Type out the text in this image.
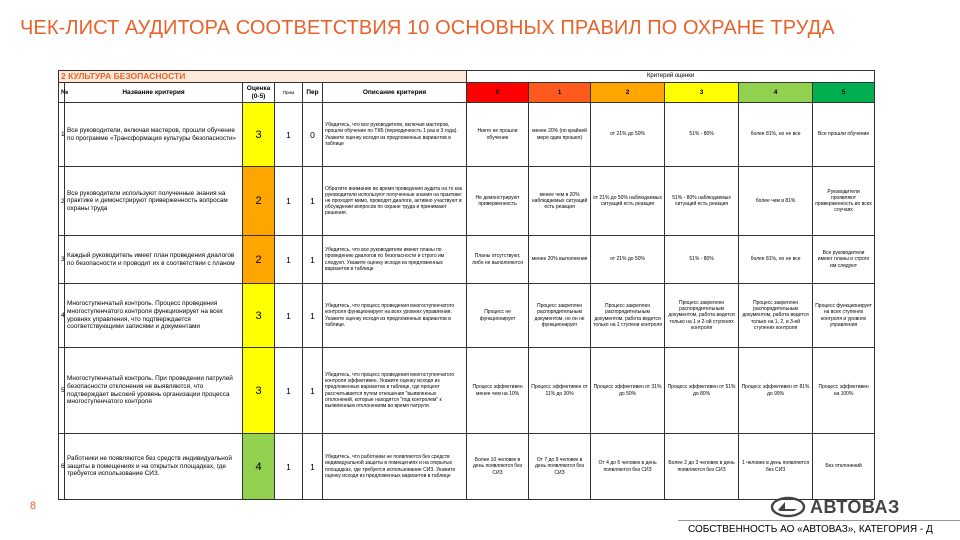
ЧЕК-ЛИСТ АУДИТОРА СООТВЕТСТВИЯ 10 ОСНОВНЫХ ПРАВИЛ ПО ОХРАНЕ ТРУДА
2 КУЛЬТУРА БЕЗОПАСНОСТИ						Критерий оценки					
№	Название критерия	Оценка (0-5)	Прим	Пер	Описание критерия	0	1	2	3	4	5
1	Все руководители, включая мастеров, прошли обучение по программе «Трансформация культуры безопасности»	3	1	0	Убедитесь, что все руководители, включая мастеров, прошли обучение по ТКБ (периодичность 1 раз в 3 года). Укажите оценку исходя из предложенных вариантов в таблице	Никто не прошли обучение	менее 20% (по крайней мере один прошел)	от 21% до 50%	51% - 80%	более 81%, но не все	Все прошли обучение
2	Все руководители используют полученные знания на практике и демонстрируют приверженность вопросам охраны труда	2	1	1	Обратите внимание во время проведения аудита на то как руководители используют полученные знания на практике: не проходят мимо, проводят диалоги, активно участвуют в обсуждении вопросов по охране труда и принимают решения.	Не демонстрируют приверженность	менее чем в 20% наблюдаемых ситуаций есть реакция	от 21% до 50% наблюдаемых ситуаций есть реакция	51% - 80% наблюдаемых ситуаций есть реакция	более чем в 81%	Руководители проявляют приверженность во всех случаях
3	Каждый руководитель имеет план проведения диалогов по безопасности и проводит их в соответствии с планом	2	1	1	Убедитесь, что все руководители имеют планы по проведению диалогов по безопасности и строго им следуют. Укажите оценку исходя из предложенных вариантов в таблице	Планы отсутствуют, либо не выполняются	менее 20% выполнения	от 21% до 50%	51% - 80%	более 81%, но не все	Все руководители имеют планы и строго им следуют
4	Многоступенчатый контроль. Процесс проведения многоступенчатого контроля функционирует на всех уровнях управления, что подтверждается соответствующими записями и документами	3	1	1	Убедитесь, что процесс проведения многоступенчатого контроля функционирует на всех уровнях управления. Укажите оценку исходя из предложенных вариантов в таблице.	Процесс не функционирует	Процесс закреплен распорядительным документом, но он не функционирует	Процесс закреплен распорядительным документом, работа ведется только на 1 ступени контроля	Процесс закреплен распорядительным документом, работа ведется только на 1 и 2-ой ступенях контроля	Процесс закреплен распорядительным документом, работа ведется только на 1, 2, и 3-ей ступенях контроля	Процесс функционирует на всех ступенях контроля и уровнях управления
5	Многоступенчатый контроль. При проведении патрулей безопасности отклонения не выявляются, что подтверждает высокий уровень организации процесса многоступенчатого контроля	3	1	1	Убедитесь, что процесс проведения многоступенчатого контроля эффективен. Укажите оценку исходя из предложенных вариантов в таблице, где процент рассчитывается путем отношения "выявленных отклонений, которые находятся "под контролем" к выявленным отклонениям во время патруля.	Процесс эффективен менее чем на 10%	Процесс эффективен от 11% до 30%	Процесс эффективен от 31% до 50%	Процесс эффективен от 51% до 80%	Процесс эффективен от 81% до 99%	Процесс эффективен на 100%
6	Работники не появляются без средств индивидуальной защиты в помещениях и на открытых площадках, где требуется использование СИЗ.	4	1	1	Убедитесь, что работники не появляются без средств индивидуальной защиты в помещениях и на открытых площадках, где требуется использование СИЗ. Укажите оценку исходя из предложенных вариантов в таблице	Более 10 человек в день появляются без СИЗ	От 7 до 9 человек в день появляются без СИЗ	От 4 до 6 человек в день появляются без СИЗ	Более 2 до 3 человек в день появляются без СИЗ	1 человек в день появляется без СИЗ	Без отклонений
8	АВТОВАЗ
СОБСТВЕННОСТЬ АО «АВТОВАЗ», КАТЕГОРИЯ - Д
